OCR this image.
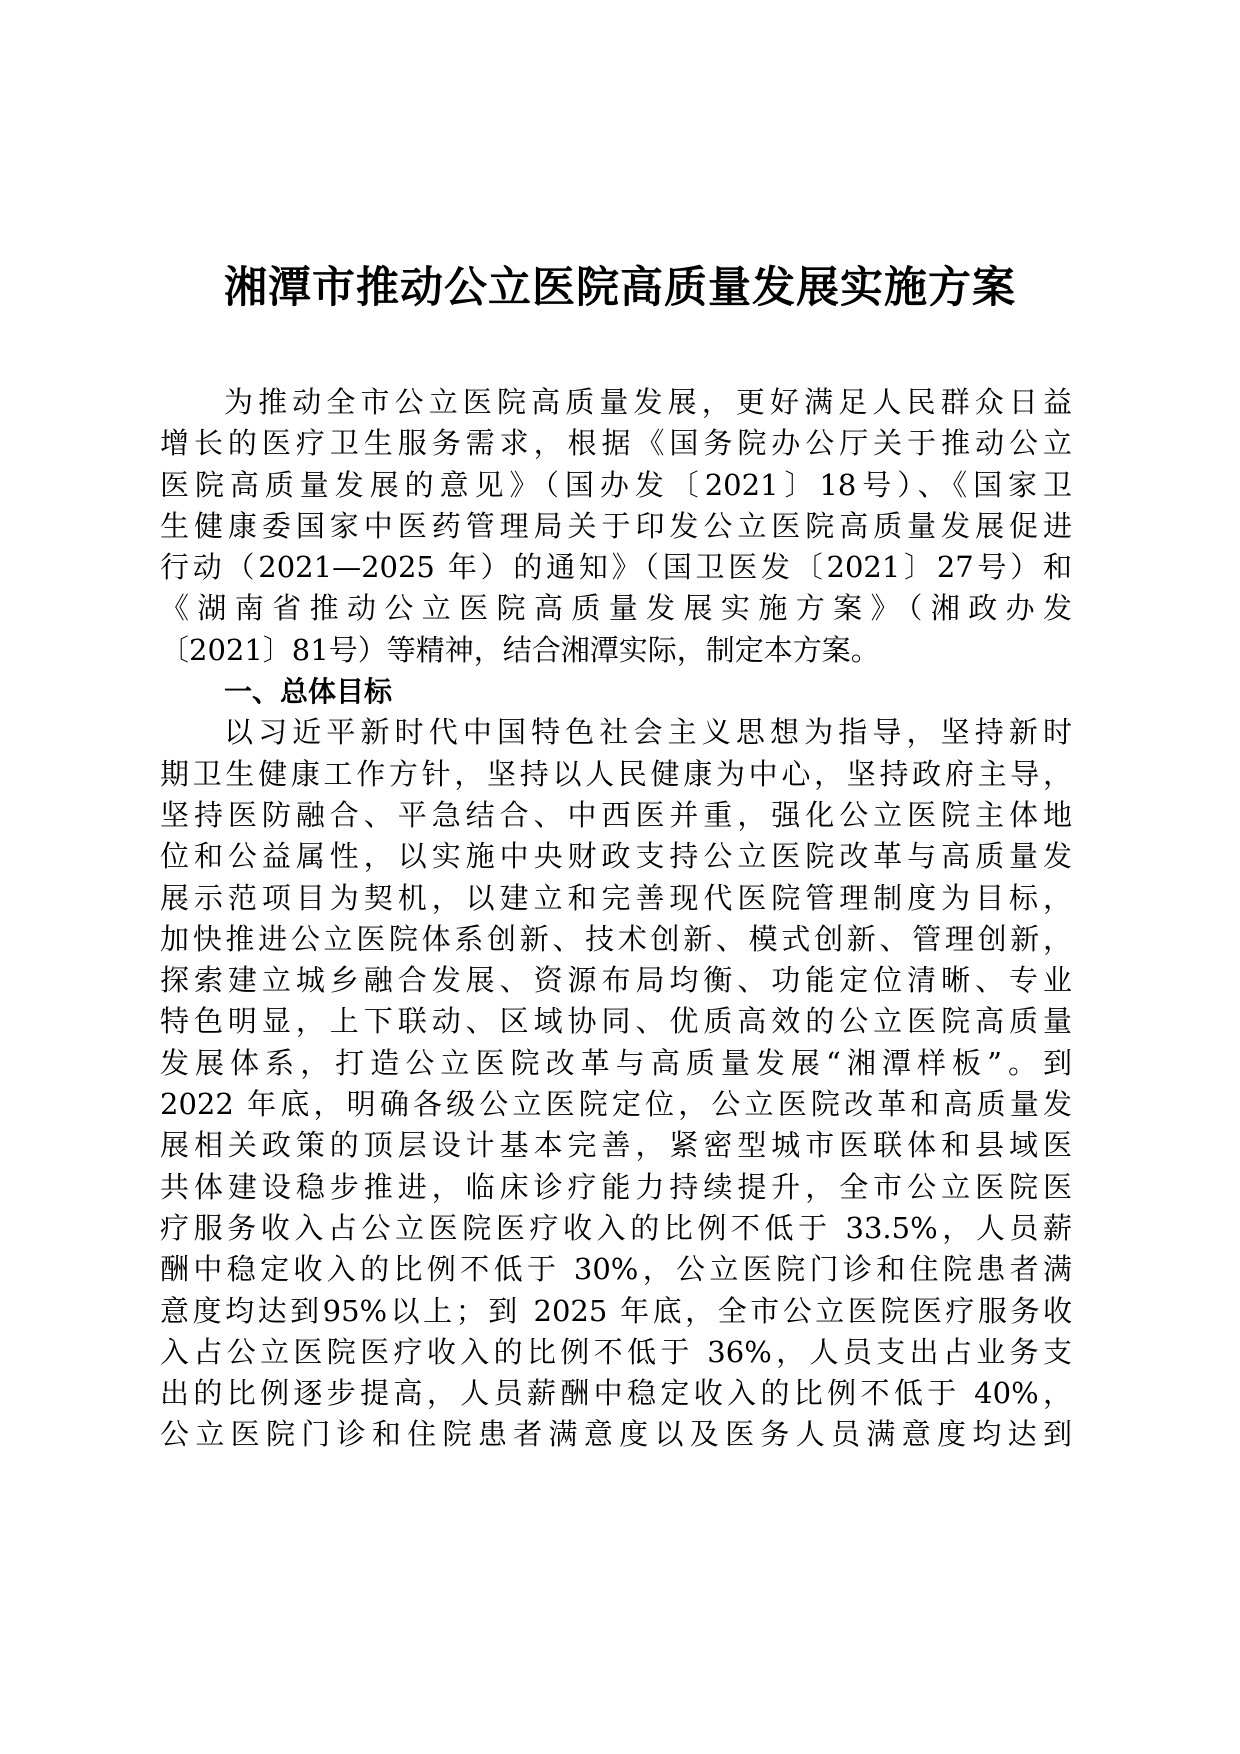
湘潭市推动公立医院高质量发展实施方案
为推动全市公立医院高质量发展，更好满足人民群众日益
增长的医疗卫生服务需求，根据《国务院办公厅关于推动公立
医院高质量发展的意见》（国办发〔2021〕18号）、《国家卫
生健康委国家中医药管理局关于印发公立医院高质量发展促进
行动（2021—2025 年）的通知》（国卫医发〔2021〕27号）和
《湖南省推动公立医院高质量发展实施方案》（湘政办发
〔2021〕81号）等精神，结合湘潭实际，制定本方案。
一、总体目标
以习近平新时代中国特色社会主义思想为指导，坚持新时
期卫生健康工作方针，坚持以人民健康为中心，坚持政府主导，
坚持医防融合、平急结合、中西医并重，强化公立医院主体地
位和公益属性，以实施中央财政支持公立医院改革与高质量发
展示范项目为契机，以建立和完善现代医院管理制度为目标，
加快推进公立医院体系创新、技术创新、模式创新、管理创新，
探索建立城乡融合发展、资源布局均衡、功能定位清晰、专业
特色明显，上下联动、区域协同、优质高效的公立医院高质量
发展体系，打造公立医院改革与高质量发展“湘潭样板”。到
2022 年底，明确各级公立医院定位，公立医院改革和高质量发
展相关政策的顶层设计基本完善，紧密型城市医联体和县域医
共体建设稳步推进，临床诊疗能力持续提升，全市公立医院医
疗服务收入占公立医院医疗收入的比例不低于 33.5%，人员薪
酬中稳定收入的比例不低于 30%，公立医院门诊和住院患者满
意度均达到95%以上；到 2025 年底，全市公立医院医疗服务收
入占公立医院医疗收入的比例不低于 36%，人员支出占业务支
出的比例逐步提高，人员薪酬中稳定收入的比例不低于 40%，
公立医院门诊和住院患者满意度以及医务人员满意度均达到
